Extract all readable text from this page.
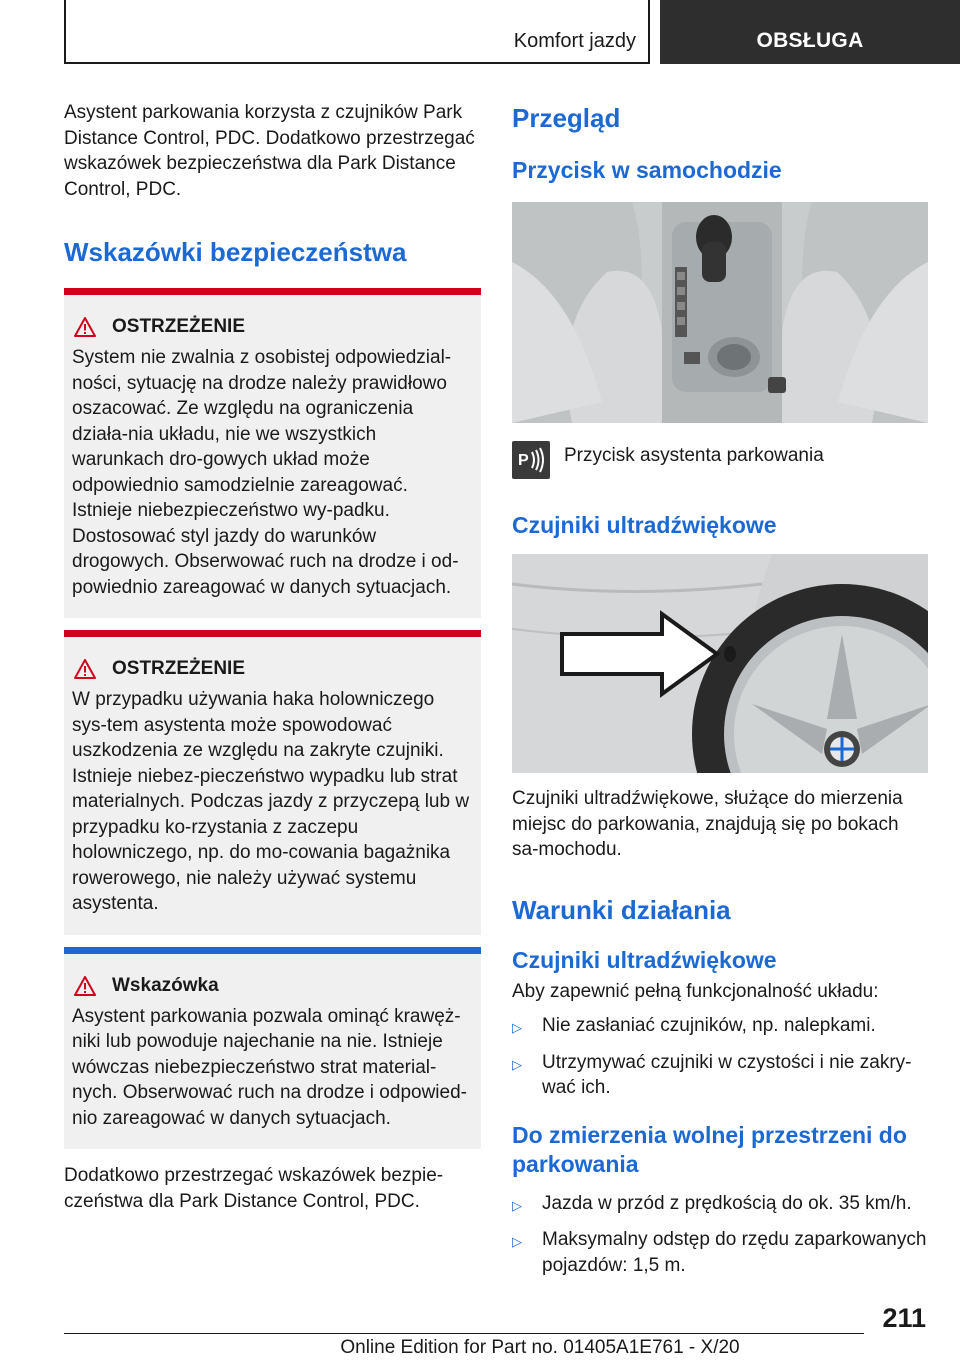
Komfort jazdy	OBSŁUGA

Asystent parkowania korzysta z czujników Park Distance Control, PDC. Dodatkowo przestrzegać wskazówek bezpieczeństwa dla Park Distance Control, PDC.

Wskazówki bezpieczeństwa
OSTRZEŻENIE
System nie zwalnia z osobistej odpowiedzial‐ności, sytuację na drodze należy prawidłowo oszacować. Ze względu na ograniczenia działa‐nia układu, nie we wszystkich warunkach dro‐gowych układ może odpowiednio samodzielnie zareagować. Istnieje niebezpieczeństwo wy‐padku. Dostosować styl jazdy do warunków drogowych. Obserwować ruch na drodze i od‐powiednio zareagować w danych sytuacjach.
OSTRZEŻENIE
W przypadku używania haka holowniczego sys‐tem asystenta może spowodować uszkodzenia ze względu na zakryte czujniki. Istnieje niebez‐pieczeństwo wypadku lub strat materialnych. Podczas jazdy z przyczepą lub w przypadku ko‐rzystania z zaczepu holowniczego, np. do mo‐cowania bagażnika rowerowego, nie należy używać systemu asystenta.
Wskazówka
Asystent parkowania pozwala ominąć krawęż‐niki lub powoduje najechanie na nie. Istnieje wówczas niebezpieczeństwo strat material‐nych. Obserwować ruch na drodze i odpowied‐nio zareagować w danych sytuacjach.

Dodatkowo przestrzegać wskazówek bezpie‐czeństwa dla Park Distance Control, PDC.

Przegląd
Przycisk w samochodzie
P Przycisk asystenta parkowania

Czujniki ultradźwiękowe

Czujniki ultradźwiękowe, służące do mierzenia miejsc do parkowania, znajdują się po bokach sa‐mochodu.

Warunki działania
Czujniki ultradźwiękowe

Aby zapewnić pełną funkcjonalność układu:

▷	Nie zasłaniać czujników, np. nalepkami.
▷	Utrzymywać czujniki w czystości i nie zakry‐wać ich.
Do zmierzenia wolnej przestrzeni do parkowania
▷	Jazda w przód z prędkością do ok. 35 km/h.
▷	Maksymalny odstęp do rzędu zaparkowanych pojazdów: 1,5 m.
211
Online Edition for Part no. 01405A1E761 - X/20
